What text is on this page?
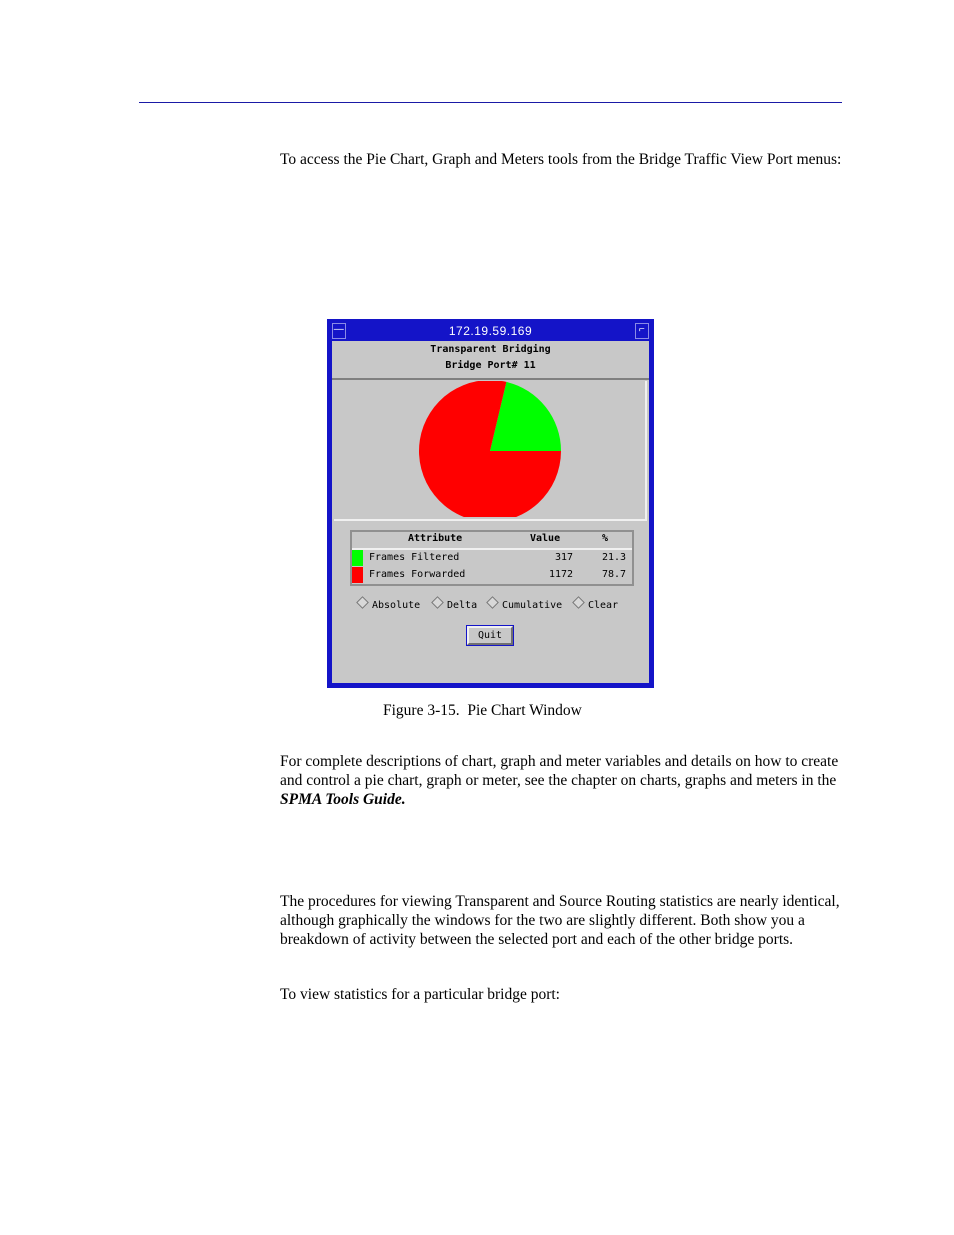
To access the Pie Chart, Graph and Meters tools from the Bridge Traffic View Port menus:

—	172.19.59.169	⌐
Transparent Bridging
Bridge Port# 11
Attribute	Value	%
Frames Filtered	317	21.3
Frames Forwarded	1172	78.7
Absolute	Delta	Cumulative	Clear
Quit
Figure 3-15.  Pie Chart Window

For complete descriptions of chart, graph and meter variables and details on how to create and control a pie chart, graph or meter, see the chapter on charts, graphs and meters in the SPMA Tools Guide.

The procedures for viewing Transparent and Source Routing statistics are nearly identical, although graphically the windows for the two are slightly different. Both show you a breakdown of activity between the selected port and each of the other bridge ports.

To view statistics for a particular bridge port:
